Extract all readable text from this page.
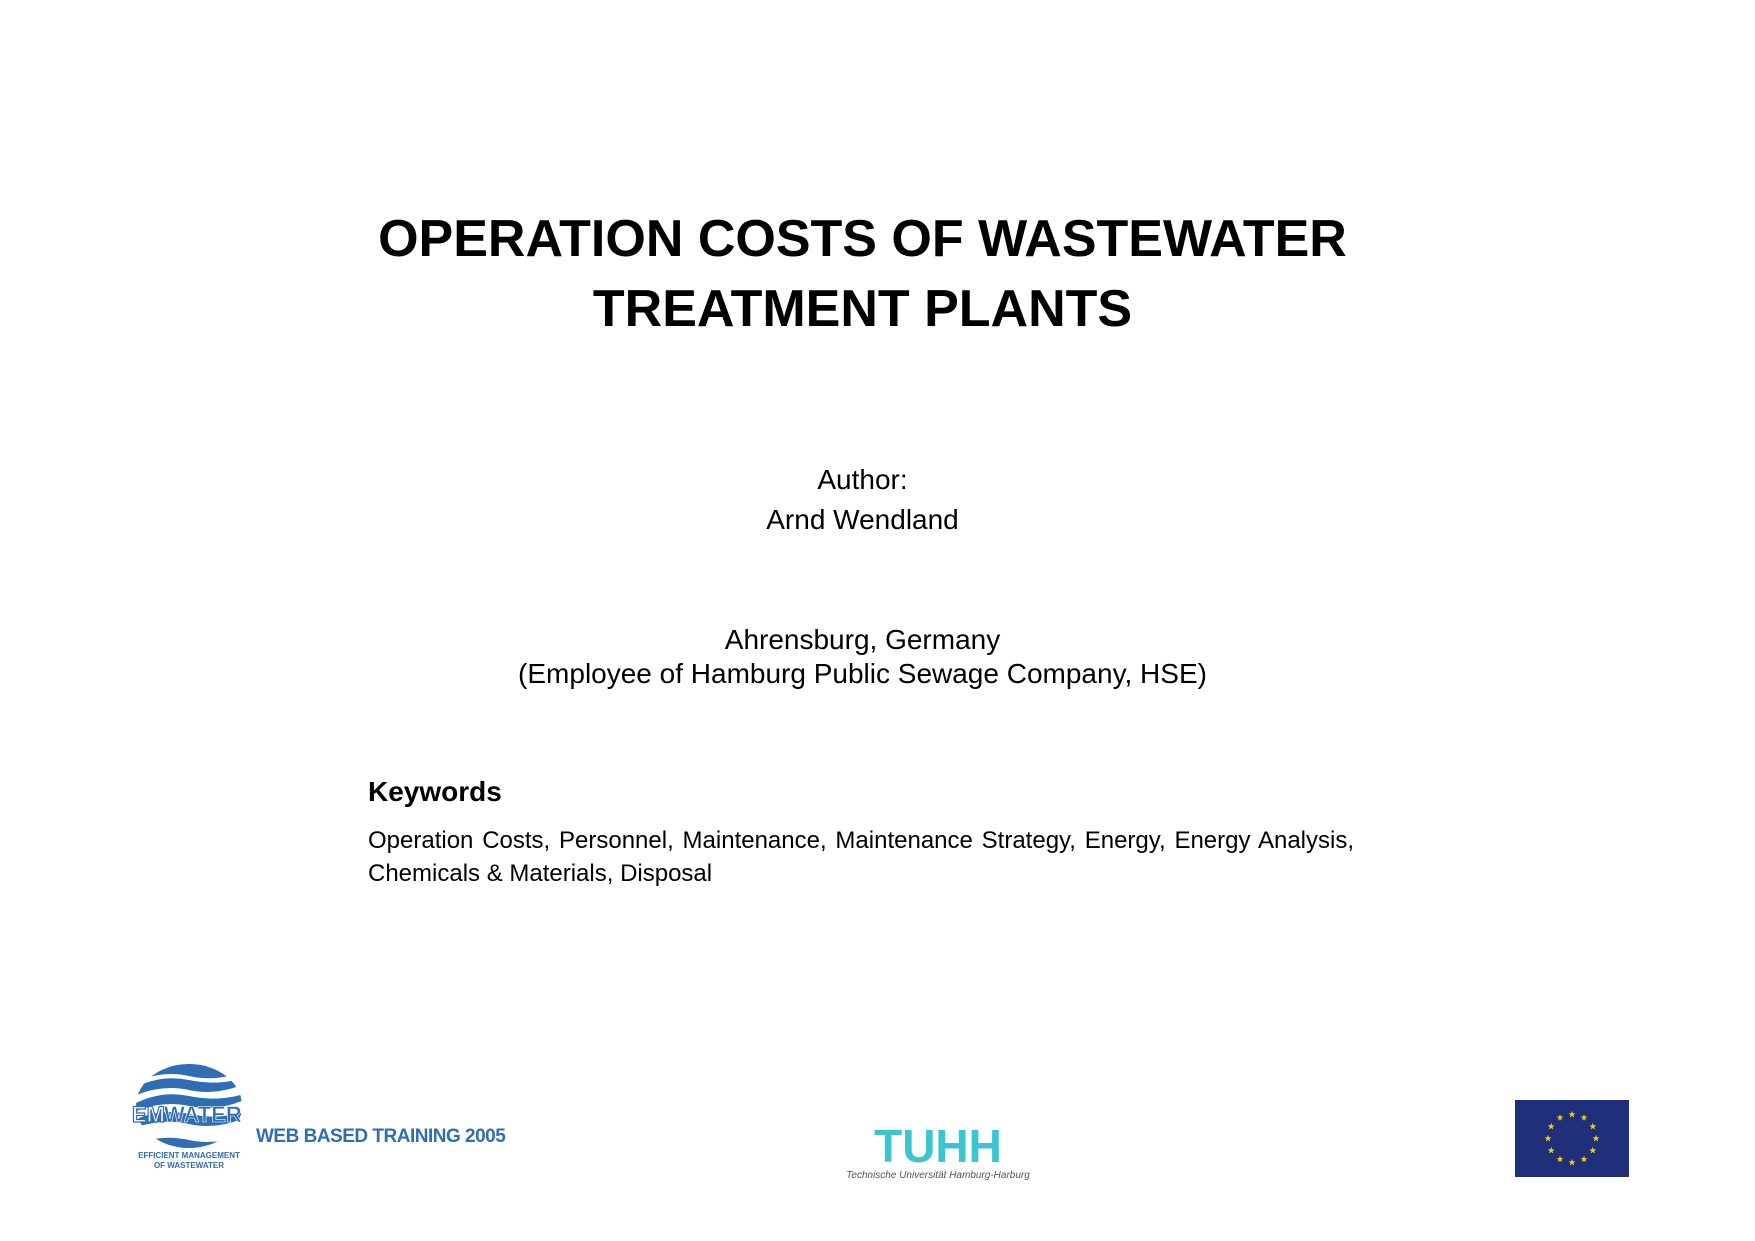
OPERATION COSTS OF WASTEWATER
TREATMENT PLANTS
Author:
Arnd Wendland
Ahrensburg, Germany
(Employee of Hamburg Public Sewage Company, HSE)
Keywords
Operation Costs, Personnel, Maintenance, Maintenance Strategy, Energy, Energy Analysis, Chemicals & Materials, Disposal
EM WATER
EFFICIENT MANAGEMENT
OF WASTEWATER
WEB BASED TRAINING 2005	TUHH
Technische Universität Hamburg-Harburg
